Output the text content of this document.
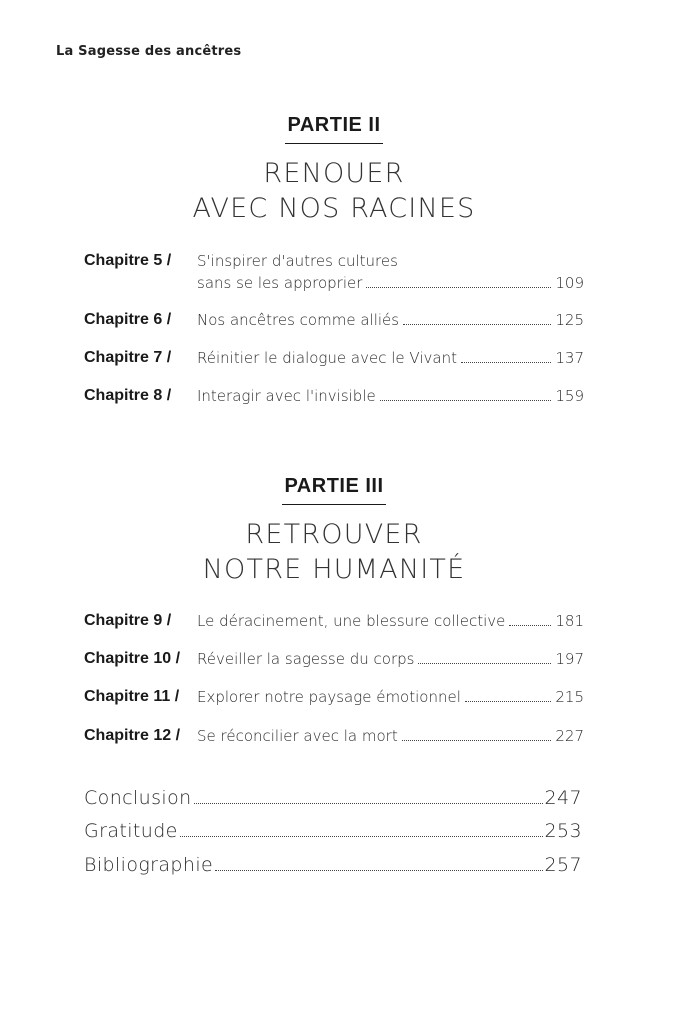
La Sagesse des ancêtres
PARTIE II
RENOUER
AVEC NOS RACINES
Chapitre 5 / S'inspirer d'autres cultures
sans se les approprier	109
Chapitre 6 / Nos ancêtres comme alliés	125
Chapitre 7 / Réinitier le dialogue avec le Vivant	137
Chapitre 8 / Interagir avec l'invisible	159
PARTIE III
RETROUVER
NOTRE HUMANITÉ
Chapitre 9 / Le déracinement, une blessure collective	181
Chapitre 10 / Réveiller la sagesse du corps	197
Chapitre 11 / Explorer notre paysage émotionnel	215
Chapitre 12 / Se réconcilier avec la mort	227
Conclusion	247
Gratitude	253
Bibliographie	257
